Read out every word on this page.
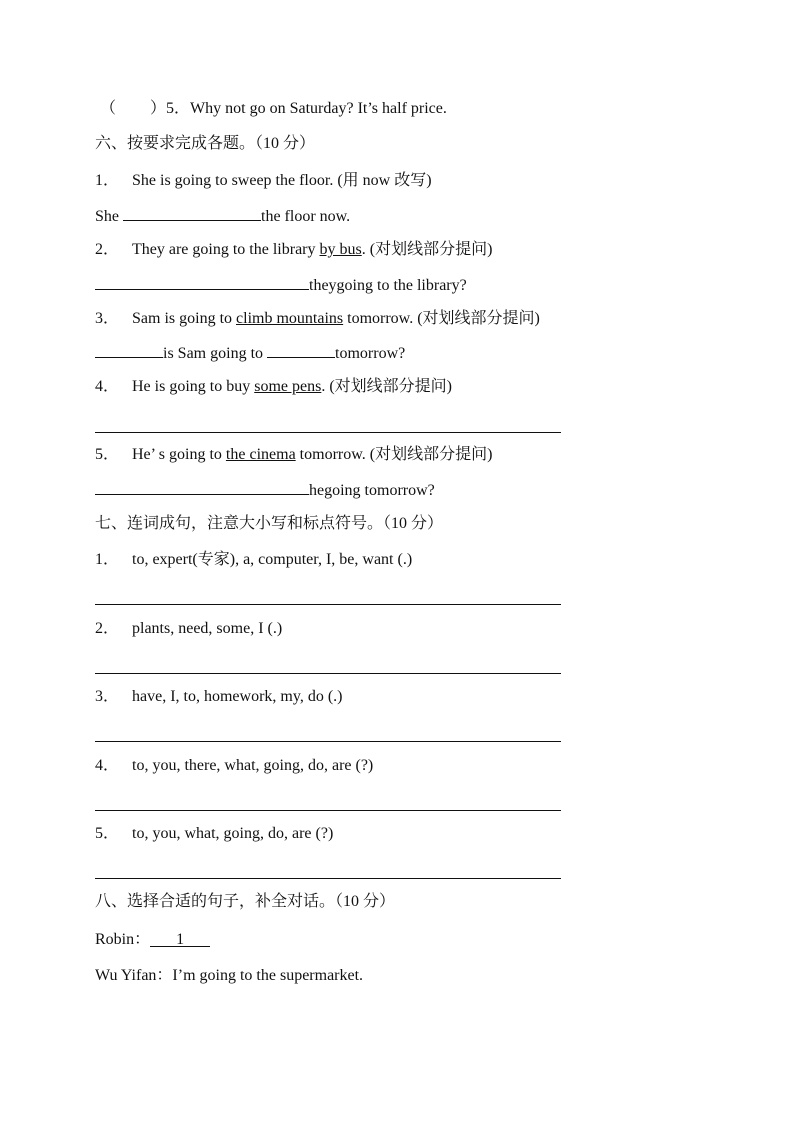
（ ）5．Why not go on Saturday? It’s half price.
六、按要求完成各题。（10 分）
1． She is going to sweep the floor. (用 now 改写)
She	the floor now.
2． They are going to the library by bus. (对划线部分提问)
theygoing to the library?
3． Sam is going to climb mountains tomorrow. (对划线部分提问)
is Sam going to	tomorrow?
4． He is going to buy some pens. (对划线部分提问)
5． He’ s going to the cinema tomorrow. (对划线部分提问)
hegoing tomorrow?
七、连词成句，注意大小写和标点符号。（10 分）
1． to, expert(专家), a, computer, I, be, want (.)
2． plants, need, some, I (.)
3． have, I, to, homework, my, do (.)
4． to, you, there, what, going, do, are (?)
5． to, you, what, going, do, are (?)
八、选择合适的句子，补全对话。（10 分）
Robin： 1
Wu Yifan：I’m going to the supermarket.
